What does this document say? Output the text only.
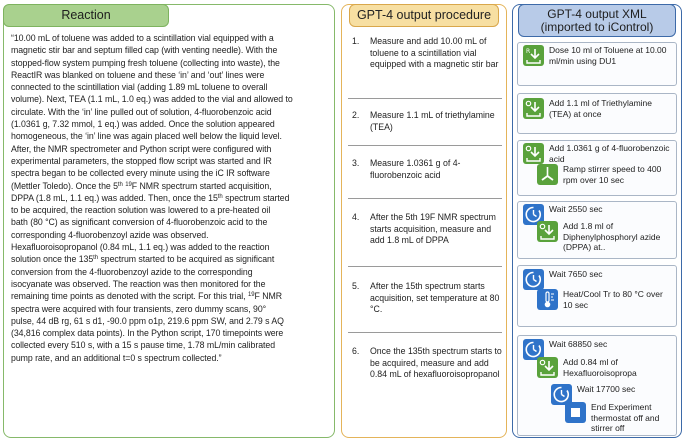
Reaction
“10.00 mL of toluene was added to a scintillation vial equipped with a
magnetic stir bar and septum filled cap (with venting needle). With the
stopped-flow system pumping fresh toluene (collecting into waste), the
ReactIR was blanked on toluene and these ‘in’ and ‘out’ lines were
connected to the scintillation vial (adding 1.89 mL toluene to overall
volume). Next, TEA (1.1 mL, 1.0 eq.) was added to the vial and allowed to
circulate. With the ‘in’ line pulled out of solution, 4-fluorobenzoic acid
(1.0361 g, 7.32 mmol, 1 eq.) was added. Once the solution appeared
homogeneous, the ‘in’ line was again placed well below the liquid level.
After, the NMR spectrometer and Python script were configured with
experimental parameters, the stopped flow script was started and IR
spectra began to be collected every minute using the iC IR software
(Mettler Toledo). Once the 5th $^{19}$F NMR spectrum started acquisition,
DPPA (1.8 mL, 1.1 eq.) was added. Then, once the 15th spectrum started
to be acquired, the reaction solution was lowered to a pre-heated oil
bath (80 °C) as significant conversion of 4-fluorobenzoic acid to the
corresponding 4-fluorobenzoyl azide was observed.
Hexafluoroisopropanol (0.84 mL, 1.1 eq.) was added to the reaction
solution once the 135th spectrum started to be acquired as significant
conversion from the 4-fluorobenzoyl azide to the corresponding
isocyanate was observed. The reaction was then monitored for the
remaining time points as denoted with the script. For this trial, $^{19}$F NMR
spectra were acquired with four transients, zero dummy scans, 90°
pulse, 44 dB rg, 61 s d1, -90.0 ppm o1p, 219.6 ppm SW, and 2.79 s AQ
(34,816 complex data points). In the Python script, 170 timepoints were
collected every 510 s, with a 15 s pause time, 1.78 mL/min calibrated
pump rate, and an additional t=0 s spectrum collected.”
GPT-4 output procedure
1.	Measure and add 10.00 mL of toluene to a scintillation vial equipped with a magnetic stir bar
2.	Measure 1.1 mL of triethylamine (TEA)
3.	Measure 1.0361 g of 4-fluorobenzoic acid
4.	After the 5th 19F NMR spectrum starts acquisition, measure and add 1.8 mL of DPPA
5.	After the 15th spectrum starts acquisition, set temperature at 80 °C.
6.	Once the 135th spectrum starts to be acquired, measure and add 0.84 mL of hexafluoroisopropanol
GPT-4 output XML
(imported to iControl)
R Dose 10 ml of Toluene at 10.00 ml/min using DU1
Add 1.1 ml of Triethylamine (TEA) at once
Add 1.0361 g of 4-fluorobenzoic acid
Ramp stirrer speed to 400 rpm over 10 sec
Wait 2550 sec
Add 1.8 ml of Diphenylphosphoryl azide (DPPA) at..
Wait 7650 sec
Heat/Cool Tr to 80 °C over 10 sec
Wait 68850 sec
Add 0.84 ml of Hexafluoroisopropa
Wait 17700 sec
End Experiment thermostat off and stirrer off
